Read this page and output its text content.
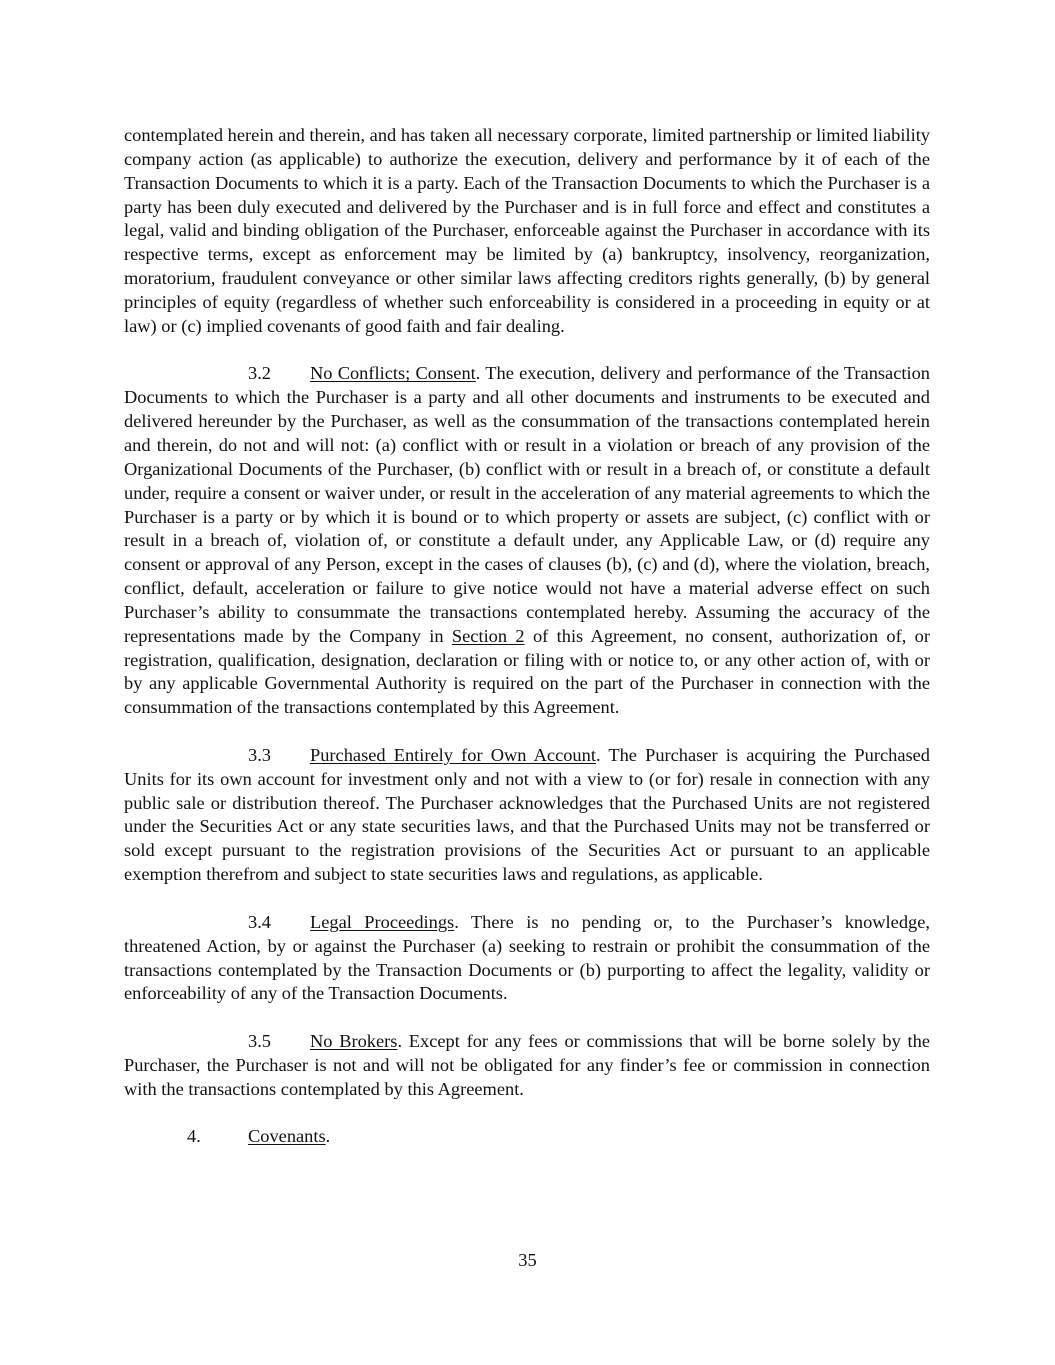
contemplated herein and therein, and has taken all necessary corporate, limited partnership or limited liability company action (as applicable) to authorize the execution, delivery and performance by it of each of the Transaction Documents to which it is a party. Each of the Transaction Documents to which the Purchaser is a party has been duly executed and delivered by the Purchaser and is in full force and effect and constitutes a legal, valid and binding obligation of the Purchaser, enforceable against the Purchaser in accordance with its respective terms, except as enforcement may be limited by (a) bankruptcy, insolvency, reorganization, moratorium, fraudulent conveyance or other similar laws affecting creditors rights generally, (b) by general principles of equity (regardless of whether such enforceability is considered in a proceeding in equity or at law) or (c) implied covenants of good faith and fair dealing.

3.2 No Conflicts; Consent. The execution, delivery and performance of the Transaction Documents to which the Purchaser is a party and all other documents and instruments to be executed and delivered hereunder by the Purchaser, as well as the consummation of the transactions contemplated herein and therein, do not and will not: (a) conflict with or result in a violation or breach of any provision of the Organizational Documents of the Purchaser, (b) conflict with or result in a breach of, or constitute a default under, require a consent or waiver under, or result in the acceleration of any material agreements to which the Purchaser is a party or by which it is bound or to which property or assets are subject, (c) conflict with or result in a breach of, violation of, or constitute a default under, any Applicable Law, or (d) require any consent or approval of any Person, except in the cases of clauses (b), (c) and (d), where the violation, breach, conflict, default, acceleration or failure to give notice would not have a material adverse effect on such Purchaser’s ability to consummate the transactions contemplated hereby. Assuming the accuracy of the representations made by the Company in Section 2 of this Agreement, no consent, authorization of, or registration, qualification, designation, declaration or filing with or notice to, or any other action of, with or by any applicable Governmental Authority is required on the part of the Purchaser in connection with the consummation of the transactions contemplated by this Agreement.

3.3 Purchased Entirely for Own Account. The Purchaser is acquiring the Purchased Units for its own account for investment only and not with a view to (or for) resale in connection with any public sale or distribution thereof. The Purchaser acknowledges that the Purchased Units are not registered under the Securities Act or any state securities laws, and that the Purchased Units may not be transferred or sold except pursuant to the registration provisions of the Securities Act or pursuant to an applicable exemption therefrom and subject to state securities laws and regulations, as applicable.

3.4 Legal Proceedings. There is no pending or, to the Purchaser’s knowledge, threatened Action, by or against the Purchaser (a) seeking to restrain or prohibit the consummation of the transactions contemplated by the Transaction Documents or (b) purporting to affect the legality, validity or enforceability of any of the Transaction Documents.

3.5 No Brokers. Except for any fees or commissions that will be borne solely by the Purchaser, the Purchaser is not and will not be obligated for any finder’s fee or commission in connection with the transactions contemplated by this Agreement.

4.	Covenants.

35
